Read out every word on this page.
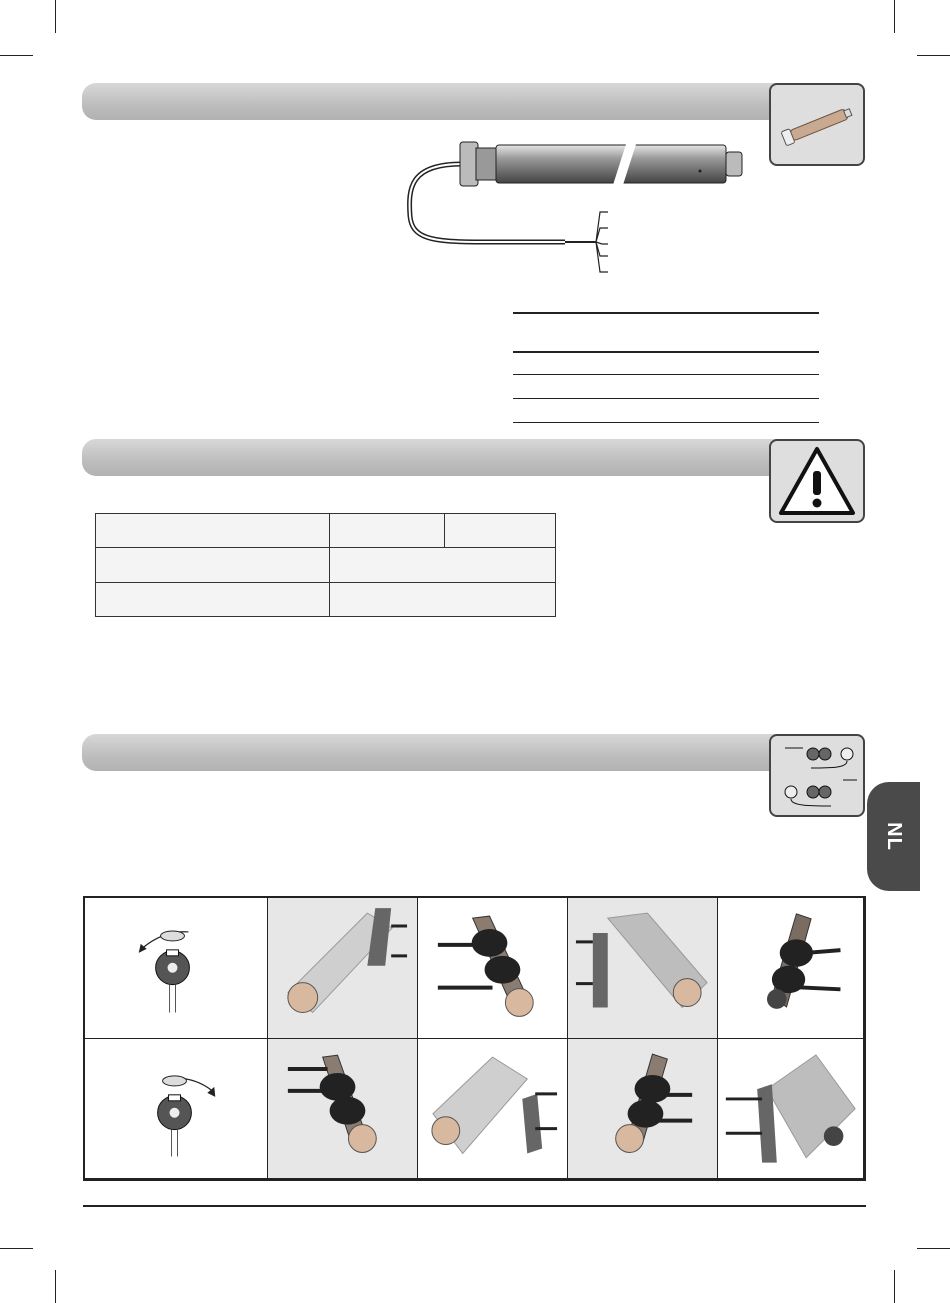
NL
